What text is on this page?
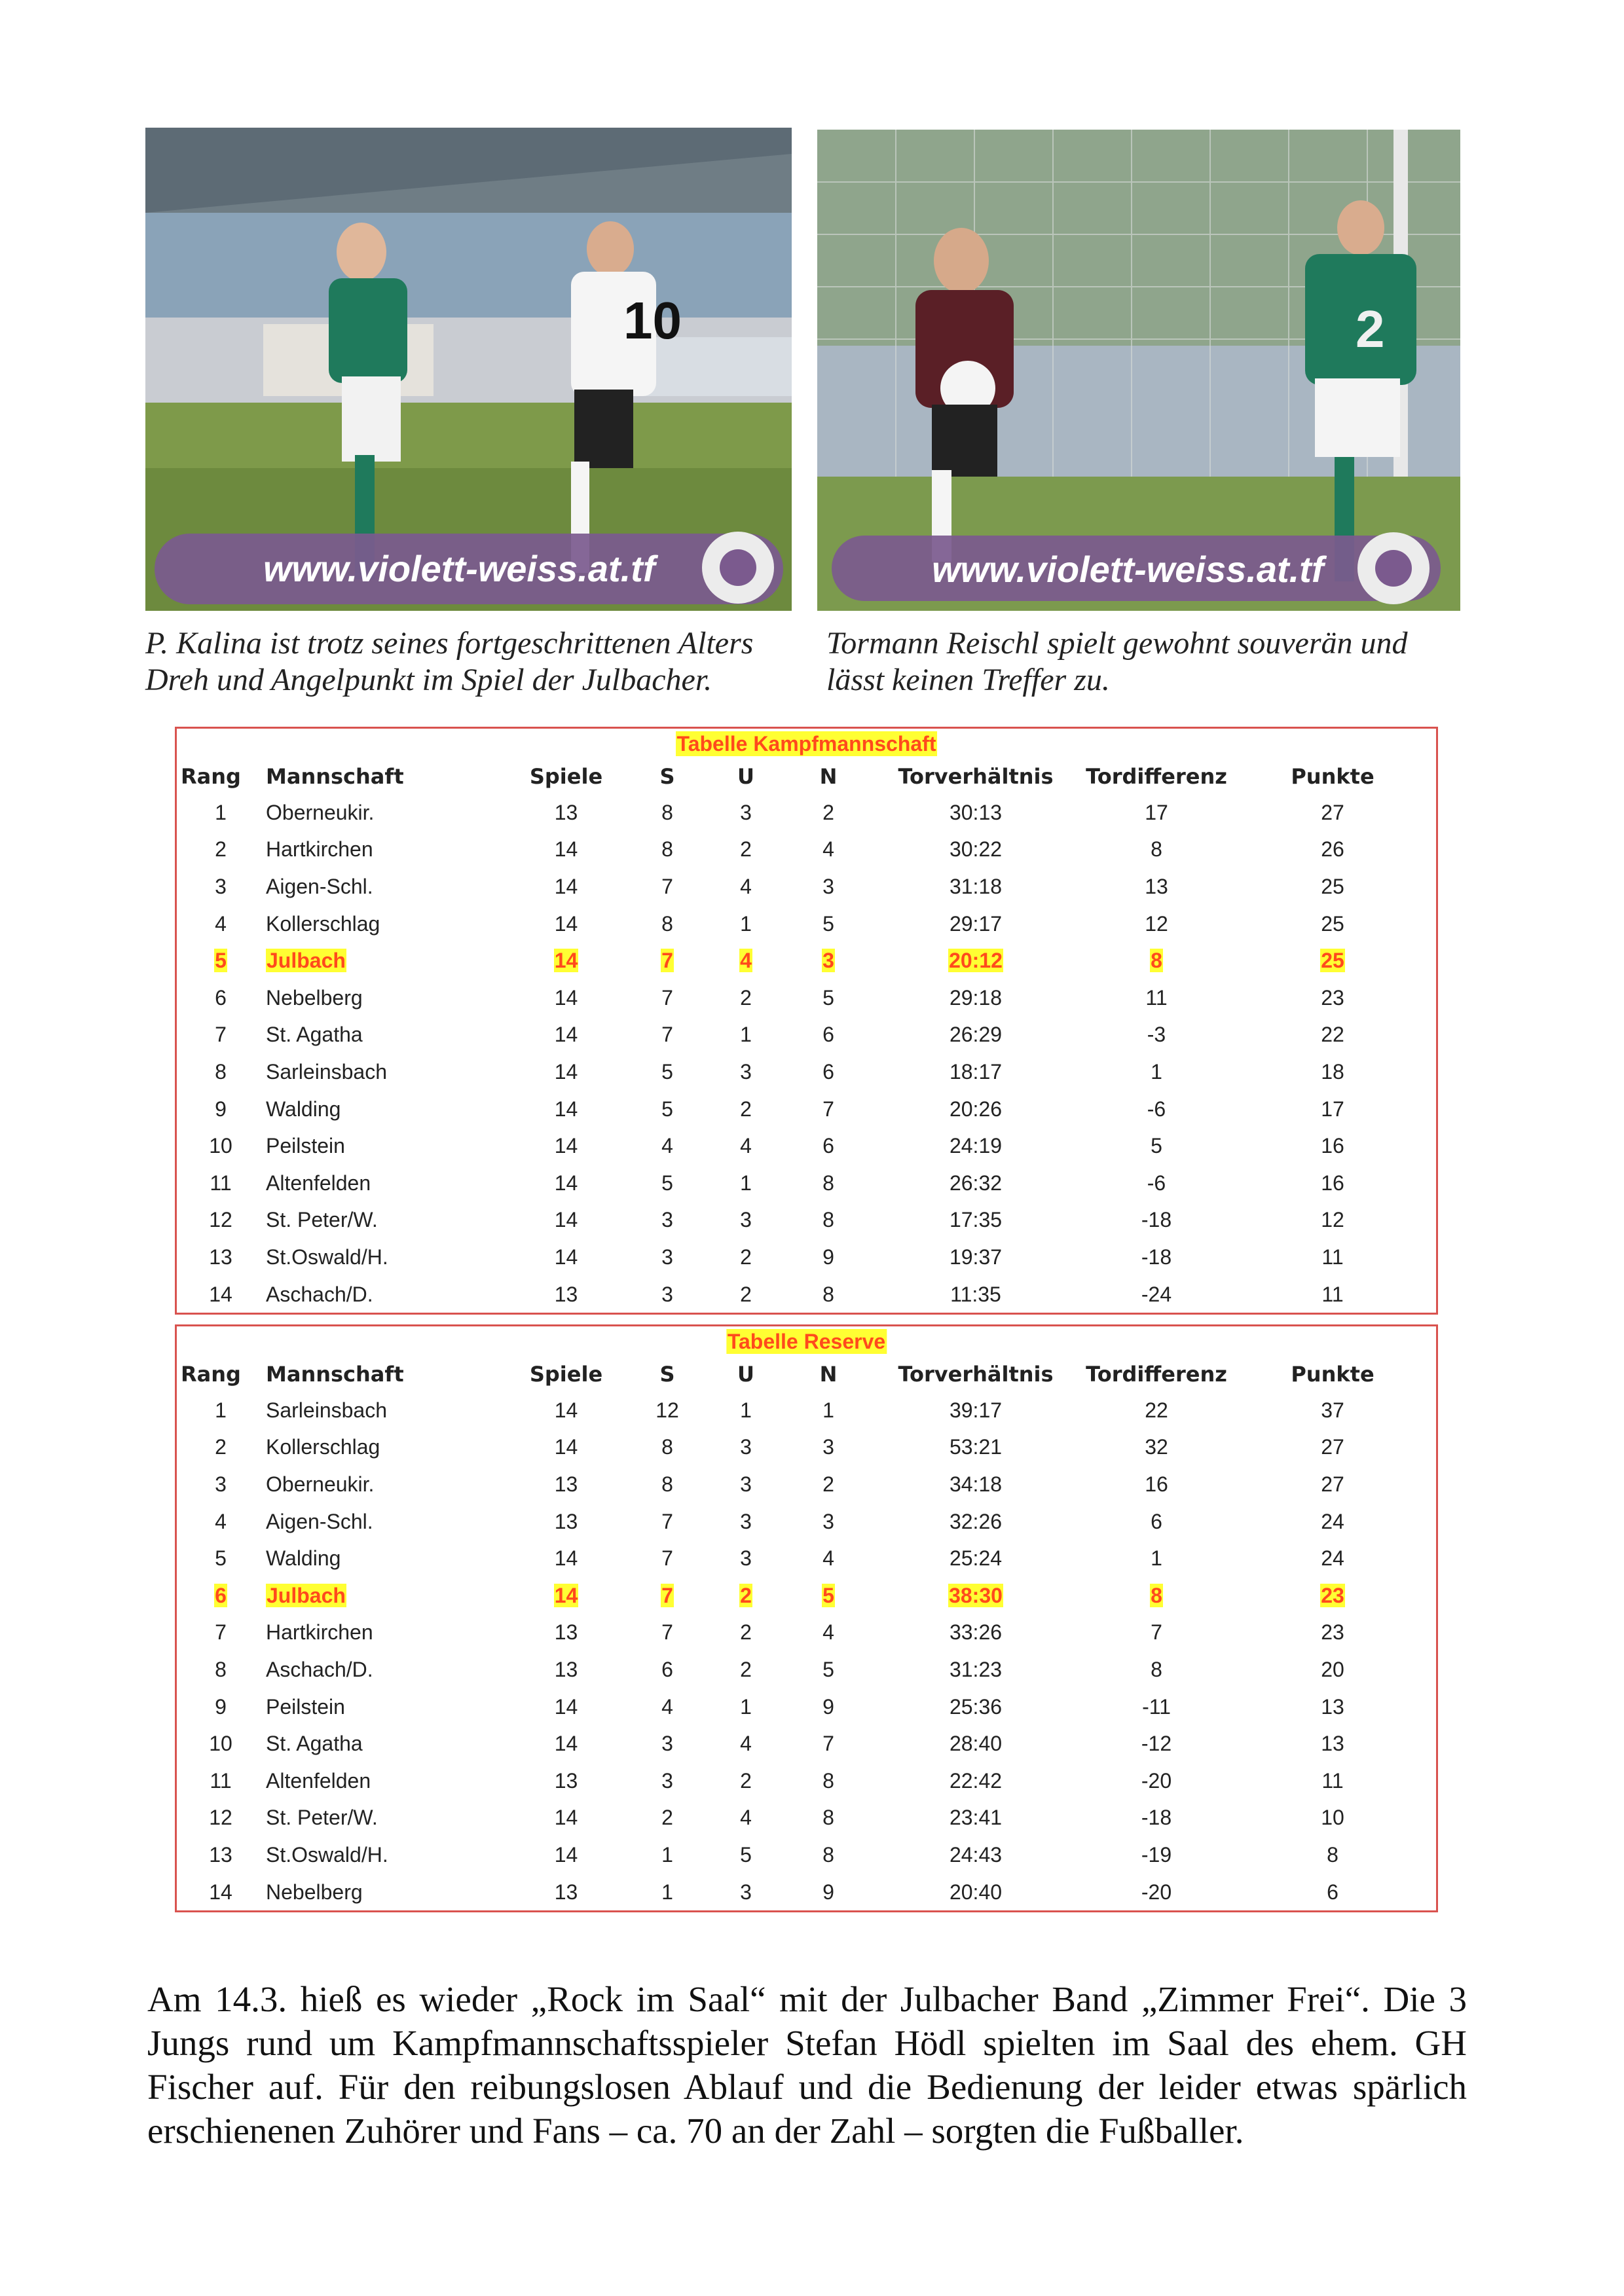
www.violett-weiss.at.tf
10
www.violett-weiss.at.tf
2
P. Kalina ist trotz seines fortgeschrittenen Alters
Dreh und Angelpunkt im Spiel der Julbacher.
Tormann Reischl spielt gewohnt souverän und
lässt keinen Treffer zu.
Tabelle Kampfmannschaft
Rang	Mannschaft	Spiele	S	U	N	Torverhältnis	Tordifferenz	Punkte
1	Oberneukir.	13	8	3	2	30:13	17	27
2	Hartkirchen	14	8	2	4	30:22	8	26
3	Aigen-Schl.	14	7	4	3	31:18	13	25
4	Kollerschlag	14	8	1	5	29:17	12	25
5	Julbach	14	7	4	3	20:12	8	25
6	Nebelberg	14	7	2	5	29:18	11	23
7	St. Agatha	14	7	1	6	26:29	-3	22
8	Sarleinsbach	14	5	3	6	18:17	1	18
9	Walding	14	5	2	7	20:26	-6	17
10	Peilstein	14	4	4	6	24:19	5	16
11	Altenfelden	14	5	1	8	26:32	-6	16
12	St. Peter/W.	14	3	3	8	17:35	-18	12
13	St.Oswald/H.	14	3	2	9	19:37	-18	11
14	Aschach/D.	13	3	2	8	11:35	-24	11
Tabelle Reserve
Rang	Mannschaft	Spiele	S	U	N	Torverhältnis	Tordifferenz	Punkte
1	Sarleinsbach	14	12	1	1	39:17	22	37
2	Kollerschlag	14	8	3	3	53:21	32	27
3	Oberneukir.	13	8	3	2	34:18	16	27
4	Aigen-Schl.	13	7	3	3	32:26	6	24
5	Walding	14	7	3	4	25:24	1	24
6	Julbach	14	7	2	5	38:30	8	23
7	Hartkirchen	13	7	2	4	33:26	7	23
8	Aschach/D.	13	6	2	5	31:23	8	20
9	Peilstein	14	4	1	9	25:36	-11	13
10	St. Agatha	14	3	4	7	28:40	-12	13
11	Altenfelden	13	3	2	8	22:42	-20	11
12	St. Peter/W.	14	2	4	8	23:41	-18	10
13	St.Oswald/H.	14	1	5	8	24:43	-19	8
14	Nebelberg	13	1	3	9	20:40	-20	6
Am 14.3. hieß es wieder „Rock im Saal“ mit der Julbacher Band „Zimmer Frei“. Die 3 Jungs rund um Kampfmannschaftsspieler Stefan Hödl spielten im Saal des ehem. GH Fischer auf. Für den reibungslosen Ablauf und die Bedienung der leider etwas spärlich erschienenen Zuhörer und Fans – ca. 70 an der Zahl – sorgten die Fußballer.
